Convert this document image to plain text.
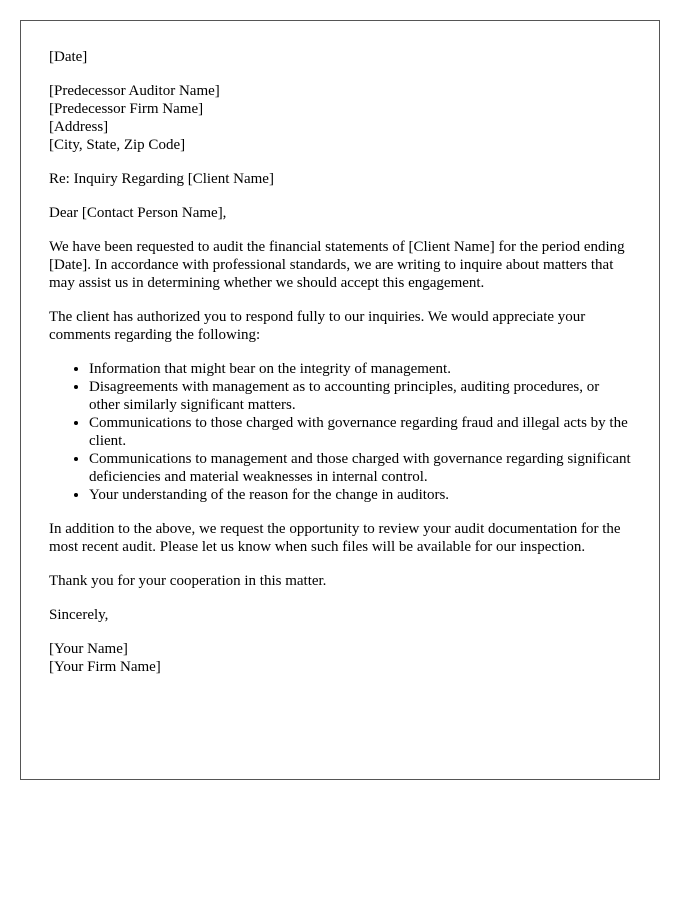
[Date]

[Predecessor Auditor Name]
[Predecessor Firm Name]
[Address]
[City, State, Zip Code]

Re: Inquiry Regarding [Client Name]

Dear [Contact Person Name],

We have been requested to audit the financial statements of [Client Name] for the period ending [Date]. In accordance with professional standards, we are writing to inquire about matters that may assist us in determining whether we should accept this engagement.

The client has authorized you to respond fully to our inquiries. We would appreciate your comments regarding the following:

• Information that might bear on the integrity of management.
• Disagreements with management as to accounting principles, auditing procedures, or other similarly significant matters.
• Communications to those charged with governance regarding fraud and illegal acts by the client.
• Communications to management and those charged with governance regarding significant deficiencies and material weaknesses in internal control.
• Your understanding of the reason for the change in auditors.

In addition to the above, we request the opportunity to review your audit documentation for the most recent audit. Please let us know when such files will be available for our inspection.

Thank you for your cooperation in this matter.

Sincerely,

[Your Name]
[Your Firm Name]
